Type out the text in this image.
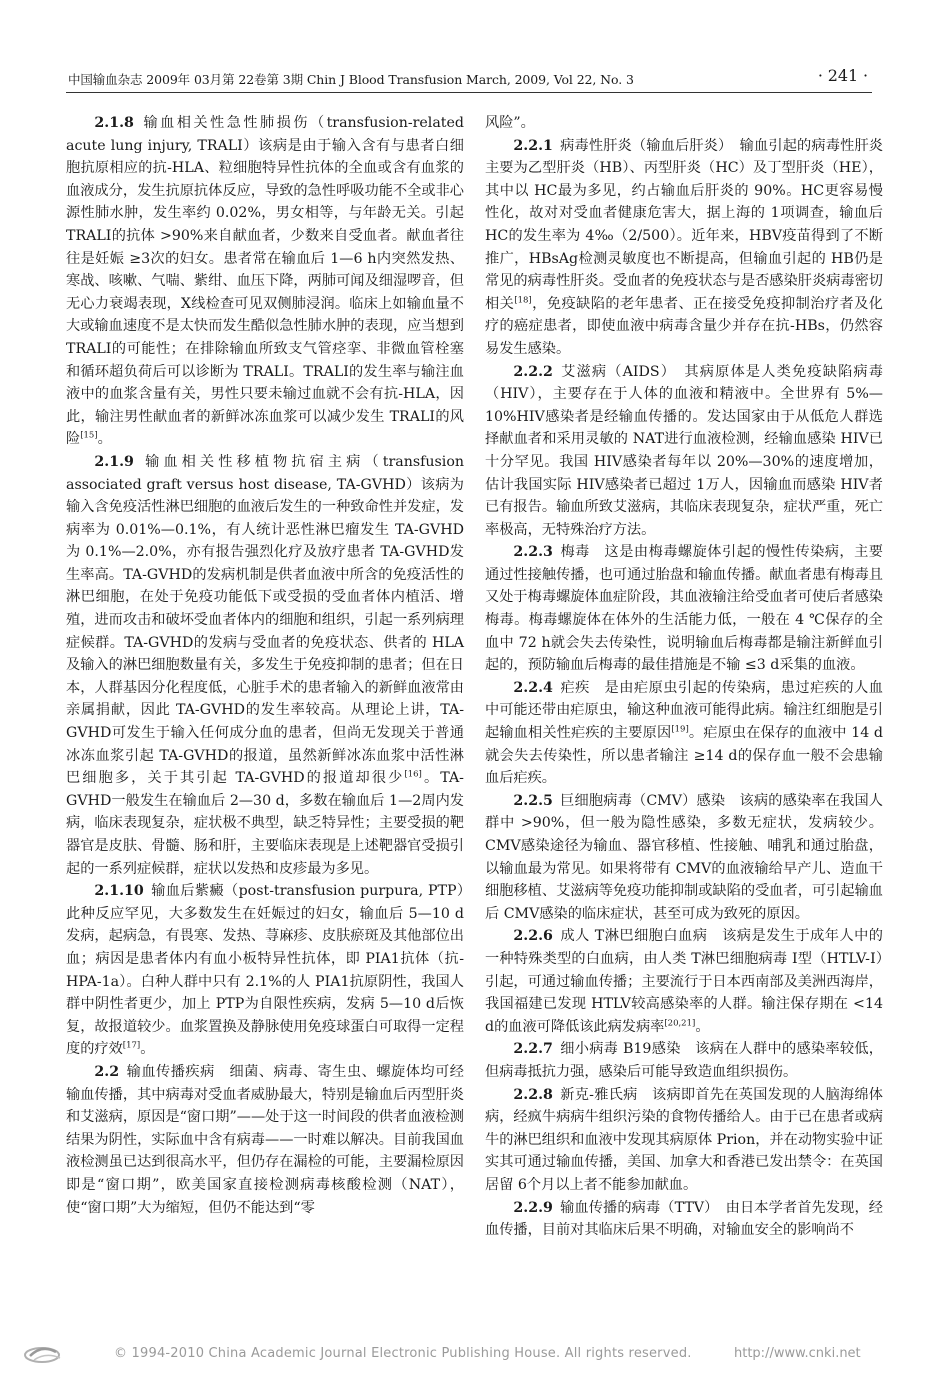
中国输血杂志 2009年 03月第 22卷第 3期 Chin J Blood Transfusion March, 2009, Vol 22, No. 3	· 241 ·

2.1.8 输血相关性急性肺损伤（transfusion-related acute lung injury, TRALI）该病是由于输入含有与患者白细胞抗原相应的抗-HLA、粒细胞特异性抗体的全血或含有血浆的血液成分，发生抗原抗体反应，导致的急性呼吸功能不全或非心源性肺水肿，发生率约 0.02%，男女相等，与年龄无关。引起 TRALI的抗体 >90%来自献血者，少数来自受血者。献血者往往是妊娠 ≥3次的妇女。患者常在输血后 1—6 h内突然发热、寒战、咳嗽、气喘、紫绀、血压下降，两肺可闻及细湿啰音，但无心力衰竭表现，X线检查可见双侧肺浸润。临床上如输血量不大或输血速度不是太快而发生酷似急性肺水肿的表现，应当想到 TRALI的可能性；在排除输血所致支气管痉挛、非微血管栓塞和循环超负荷后可以诊断为 TRALI。TRALI的发生率与输注血液中的血浆含量有关，男性只要未输过血就不会有抗-HLA，因此，输注男性献血者的新鲜冰冻血浆可以减少发生 TRALI的风险[15]。

2.1.9 输血相关性移植物抗宿主病（transfusion associated graft versus host disease, TA-GVHD）该病为输入含免疫活性淋巴细胞的血液后发生的一种致命性并发症，发病率为 0.01%—0.1%，有人统计恶性淋巴瘤发生 TA-GVHD为 0.1%—2.0%，亦有报告强烈化疗及放疗患者 TA-GVHD发生率高。TA-GVHD的发病机制是供者血液中所含的免疫活性的淋巴细胞，在处于免疫功能低下或受损的受血者体内植活、增殖，进而攻击和破坏受血者体内的细胞和组织，引起一系列病理症候群。TA-GVHD的发病与受血者的免疫状态、供者的 HLA及输入的淋巴细胞数量有关，多发生于免疫抑制的患者；但在日本，人群基因分化程度低，心脏手术的患者输入的新鲜血液常由亲属捐献，因此 TA-GVHD的发生率较高。从理论上讲，TA-GVHD可发生于输入任何成分血的患者，但尚无发现关于普通冰冻血浆引起 TA-GVHD的报道，虽然新鲜冰冻血浆中活性淋巴细胞多，关于其引起 TA-GVHD的报道却很少[16]。TA-GVHD一般发生在输血后 2—30 d，多数在输血后 1—2周内发病，临床表现复杂，症状极不典型，缺乏特异性；主要受损的靶器官是皮肤、骨髓、肠和肝，主要临床表现是上述靶器官受损引起的一系列症候群，症状以发热和皮疹最为多见。

2.1.10 输血后紫癜（post-transfusion purpura, PTP）此种反应罕见，大多数发生在妊娠过的妇女，输血后 5—10 d发病，起病急，有畏寒、发热、荨麻疹、皮肤瘀斑及其他部位出血；病因是患者体内有血小板特异性抗体，即 PIA1抗体（抗-HPA-1a）。白种人群中只有 2.1%的人 PIA1抗原阴性，我国人群中阴性者更少，加上 PTP为自限性疾病，发病 5—10 d后恢复，故报道较少。血浆置换及静脉使用免疫球蛋白可取得一定程度的疗效[17]。

2.2 输血传播疾病　细菌、病毒、寄生虫、螺旋体均可经输血传播，其中病毒对受血者威胁最大，特别是输血后丙型肝炎和艾滋病，原因是“窗口期”——处于这一时间段的供者血液检测结果为阴性，实际血中含有病毒——一时难以解决。目前我国血液检测虽已达到很高水平，但仍存在漏检的可能，主要漏检原因即是“窗口期”，欧美国家直接检测病毒核酸检测（NAT），使“窗口期”大为缩短，但仍不能达到“零

风险”。

2.2.1 病毒性肝炎（输血后肝炎）　输血引起的病毒性肝炎主要为乙型肝炎（HB）、丙型肝炎（HC）及丁型肝炎（HE），其中以 HC最为多见，约占输血后肝炎的 90%。HC更容易慢性化，故对对受血者健康危害大，据上海的 1项调查，输血后 HC的发生率为 4‰（2/500）。近年来，HBV疫苗得到了不断推广，HBsAg检测灵敏度也不断提高，但输血引起的 HB仍是常见的病毒性肝炎。受血者的免疫状态与是否感染肝炎病毒密切相关[18]，免疫缺陷的老年患者、正在接受免疫抑制治疗者及化疗的癌症患者，即使血液中病毒含量少并存在抗-HBs，仍然容易发生感染。

2.2.2 艾滋病（AIDS）　其病原体是人类免疫缺陷病毒（HIV），主要存在于人体的血液和精液中。全世界有 5%—10%HIV感染者是经输血传播的。发达国家由于从低危人群选择献血者和采用灵敏的 NAT进行血液检测，经输血感染 HIV已十分罕见。我国 HIV感染者每年以 20%—30%的速度增加，估计我国实际 HIV感染者已超过 1万人，因输血而感染 HIV者已有报告。输血所致艾滋病，其临床表现复杂，症状严重，死亡率极高，无特殊治疗方法。

2.2.3 梅毒　这是由梅毒螺旋体引起的慢性传染病，主要通过性接触传播，也可通过胎盘和输血传播。献血者患有梅毒且又处于梅毒螺旋体血症阶段，其血液输注给受血者可使后者感染梅毒。梅毒螺旋体在体外的生活能力低，一般在 4 ℃保存的全血中 72 h就会失去传染性，说明输血后梅毒都是输注新鲜血引起的，预防输血后梅毒的最佳措施是不输 ≤3 d采集的血液。

2.2.4 疟疾　是由疟原虫引起的传染病，患过疟疾的人血中可能还带由疟原虫，输这种血液可能得此病。输注红细胞是引起输血相关性疟疾的主要原因[19]。疟原虫在保存的血液中 14 d就会失去传染性，所以患者输注 ≥14 d的保存血一般不会患输血后疟疾。

2.2.5 巨细胞病毒（CMV）感染　该病的感染率在我国人群中 >90%，但一般为隐性感染，多数无症状，发病较少。CMV感染途径为输血、器官移植、性接触、哺乳和通过胎盘，以输血最为常见。如果将带有 CMV的血液输给早产儿、造血干细胞移植、艾滋病等免疫功能抑制或缺陷的受血者，可引起输血后 CMV感染的临床症状，甚至可成为致死的原因。

2.2.6 成人 T淋巴细胞白血病　该病是发生于成年人中的一种特殊类型的白血病，由人类 T淋巴细胞病毒 Ⅰ型（HTLV-Ⅰ）引起，可通过输血传播；主要流行于日本西南部及美洲西海岸，我国福建已发现 HTLV较高感染率的人群。输注保存期在 <14 d的血液可降低该此病发病率[20,21]。

2.2.7 细小病毒 B19感染　该病在人群中的感染率较低，但病毒抵抗力强，感染后可能导致造血组织损伤。

2.2.8 新克-雅氏病　该病即首先在英国发现的人脑海绵体病，经疯牛病病牛组织污染的食物传播给人。由于已在患者或病牛的淋巴组织和血液中发现其病原体 Prion，并在动物实验中证实其可通过输血传播，美国、加拿大和香港已发出禁令：在英国居留 6个月以上者不能参加献血。

2.2.9 输血传播的病毒（TTV）　由日本学者首先发现，经血传播，目前对其临床后果不明确，对输血安全的影响尚不

© 1994-2010 China Academic Journal Electronic Publishing House. All rights reserved.	http://www.cnki.net
